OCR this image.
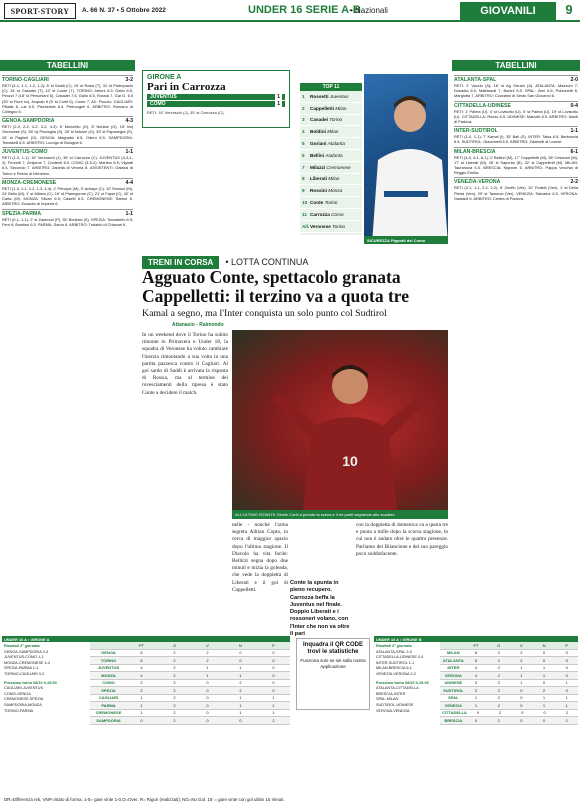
SPORT-STORY	A. 66 N. 37 • 5 Ottobre 2022	UNDER 16 SERIE A-B
• Nazionali	GIOVANILI	9
TABELLINI
TORINO-CAGLIARI	3-2

RETI (4-1, 1-1, 1-2, 1-2): 8' st Saddi (C), 19' st Rossi (T), 31' st Pietropaolo (C), 34' st Casadei (T), 43' st Conte (T). TORINO: Antoni 6.5; Gatto 6.5, Pirozzi 7 (18' st Perschiani 6), Casadei 7.5, Gallo 6.5, Rossia 7, Gar D. 6.5 (30' st Fiore sv), Acquah 6 (9' st Conti 6), Conte 7. All.: Piccolo. CAGLIARI: Pittalis 6, Lai 6.5, Pischedda 6.5, Pietrongeli 6. ARBITRO: Romano di Collegno 6.

GENOA-SAMPDORIA	4-3

RETI (2-0, 2-2, 3-2, 3-3, 4-3): 6' Mondello (G), 8' Ndulue (G), 15' Ivoj Genovese (S), 38' Ivj Piscioglia (S), 28' st Ndulue (G), 33' st Papanegra (S), 26' st Pagliuti (G). GENOA: Magnabò 6.5; Odero 6.5. SAMPDORIA: Tomaselli 6.5. ARBITRO: Luongo di Bologna 6.

JUVENTUS-COMO	1-1

RETI (1-0, 1-1): 16' Verzaschi (J), 35' st Carrozza (C). JUVENTUS (4-3-1-2): Ferzetti 7; Zmijome 7, Contenti 6.5. COMO (3-5-2): Martino 6.5; Vignati 6.5, Secondo 7. ARBITRO: Zanella di Verona 6. ASSISTENTI: Galassi di Torino e Resini di Nichelino.

MONZA-CREMONESE	4-4

RETI (1-0, 1-1, 1-2, 1-3, 4-4): 2' Principe (M), 9' Achaye (C), 10' Rossini (M), 24' Bellu (M), 1' st Milano (C), 16' st Pianegonne (C), 21' st Fayei (C), 42' st Carta (M). MONZA: Silvan 6.5; Casetti 6.5. CREMONESE: Sartori 6. ARBITRO: Ecuador di Imperia 6.

SPEZIA-PARMA	1-1

RETI (0-1, 1-1): 2' st Zammuri (P), 35' Bonifaci (S). SPEZIA: Tomasiello 6.5; Ferri 6, Bonifaci 6.5. PARMA: Sarno 6. ARBITRO: Tubaldo di Chiavari 6.

GIRONE A
Pari in Carrozza
JUVENTUS	1
COMO	1
RETI: 16' Verzaschi (J), 35' st Carrozza (C).
TOP 11
1	Rossetti Juventus
2	Cappelletti Milan
3	Casadei Torino
4	Boldini Milan
5	Goriani Atalanta
6	Bellini Atalanta
7	Milazzi Cremonese
8	Liberati Milan
9	Rossini Monza
10 Conte Torino
11 Carrozza Como
All. Veronese Torino
SICUREZZA Pippotti del Como
TRENI IN CORSA	• LOTTA CONTINUA
Agguato Conte, spettacolo granata Cappelletti: il terzino va a quota tre
Kamal a segno, ma l'Inter conquista un solo punto col Sudtirol
Attanasio - Raimondo
In un weekend dove il Torino ha subito rimonte in Primavera e Under 18, la squadra di Veronese ha voluto cambiare l'inerzia rimontando a sua volta in una partita pazzesca contro il Cagliari. Al gol sardo di Saddi è arrivata la risposta di Rossia, ma al termine dei rovesciamenti della ripresa è stato Conte a decidere il match.
10
ALL'ULTIMO ISTANTE Gioele Conti a prende la scena e il tre punti segnando allo scadere
nelle - nonché l'arma segreta Adrian Copta, in cerca di maggior spazio dopo l'ultima stagione. Il Diavolo ha vita facile: Bellirzi segna dopo due minuti e inizia la goleada, che vede la doppietta di Liberati e il gol di Cappelletti.
Conte la spunta in pieno recupero. Carrozza beffa la Juventus nel finale. Doppio Liberati e i rossoneri volano, con l'Inter che non va oltre il pari
con la doppietta di domenica va a quota tre e punta a mille dopo la scorsa stagione, in cui non è andato oltre le quattro presenze. Parliamo del Bilancione e del suo pareggio poco soddisfacente.
TABELLINI
ATALANTA-SPAL	2-0

RETI: 2' Vaccio (A), 16' st Ag Gerani (A). ATALANTA: Mazzoni 7; Donadio 6.5, Malfassoli 7, Bonini 6.5. SPAL: Zeni 6.5; Polzonetti 6, Margiotta 7. ARBITRO: Cozzarini di Sesto San Giovanni 6.

CITTADELLA-UDINESE	0-4

RETI: 1' Palma (U), 4' st Lovisotto (U), 5' st Palma (U), 19' st Lovisotto (U). CITTADELLA: Rezzo 6.5. UDINESE: Malcotti 6.5. ARBITRO: Nardi di Padova.

INTER-SUDTIROL	1-1

RETI (1-0, 1-1): 7' Kamal (I), 35' Bali (S). INTER: Talsa 6.5; Barbuscia 6.5. SUDTIROL: Giacomelli 6.5. ARBITRO: Zambelli di Lovere.

MILAN-BRESCIA	6-1

RETI (4-0, 4-1, 6-1): 2' Bellirzi (M), 17' Cappelletti (M), 38' Cesaroni (M), 17' st Liberati (M), 28' st Saporito (B), 32' st Cappelletti (M). MILAN: Tauranova 6.5. BRESCIA: Nigrone 6. ARBITRO: Pappa Vecchia di Reggio Emilia.

VENEZIA-VERONA	2-2

RETI (0-1, 1-1, 2-1, 2-2): 8' Zeoffo (Ver), 32' Fratelli (Ven), 1' st Della Pietra (Ven), 20' st Tamanzi (Ver). VENEZIA: Salvador 6.5. VERONA: Gastaldi 6. ARBITRO: Centra di Padova.

UNDER 16 A • GIRONE A
Risultati 2ª giornata
GENOA-SAMPDORIA 4-3
JUVENTUS-COMO 1-1
MONZA-CREMONESE 4-4
SPEZIA-PARMA 1-1
TORINO-CAGLIARI 3-2
Prossimo turno 08/10 h.15:00
CAGLIARI-JUVENTUS
COMO-GENOA
CREMONESE-SPEZIA
SAMPDORIA-MONZA
TORINO-PARMA
PT	G	V	N	P
GENOA	6	2	2	0	0
TORINO	6	2	2	0	0
JUVENTUS	4	2	1	1	0
MONZA	4	2	1	1	0
COMO	2	2	0	2	0
SPEZIA	2	2	0	2	0
CAGLIARI	1	2	0	1	1
PARMA	1	2	0	1	1
CREMONESE	1	2	0	1	1
SAMPDORIA	0	2	0	0	2
Inquadra il QR CODE
trovi le statistiche
Funziona solo se sei sulla nostra Applicazione
UNDER 16 A • GIRONE B
Risultati 2ª giornata
ATALANTA-SPAL 2-0
CITTADELLA-UDINESE 0-4
INTER-SUDTIROL 1-1
MILAN-BRESCIA 6-1
VENEZIA-VERONA 2-2
Prossimo turno 08/10 h.15:00
ATALANTA-CITTADELLA
BRESCIA-INTER
SPAL-MILAN
SUDTIROL-UDINESE
VERONA-VENEZIA
PT	G	V	N	P
MILAN	6	2	2	0	0
ATALANTA	6	2	2	0	0
INTER	4	2	1	1	0
VERONA	4	2	1	1	0
UDINESE	3	2	1	0	1
SUDTIROL	2	2	0	2	0
SPAL	1	2	0	1	1
VENEZIA	1	2	0	1	1
CITTADELLA	0	2	0	0	2
BRESCIA	0	2	0	0	2
DR=Differenza reti, VNP=Stato di forma. 1-0= gare vinte 1-0,O=Over. R= Rigori (realizzati); NG=No Gol. 15' = gare vinte con gol ultimi 15 minuti.
